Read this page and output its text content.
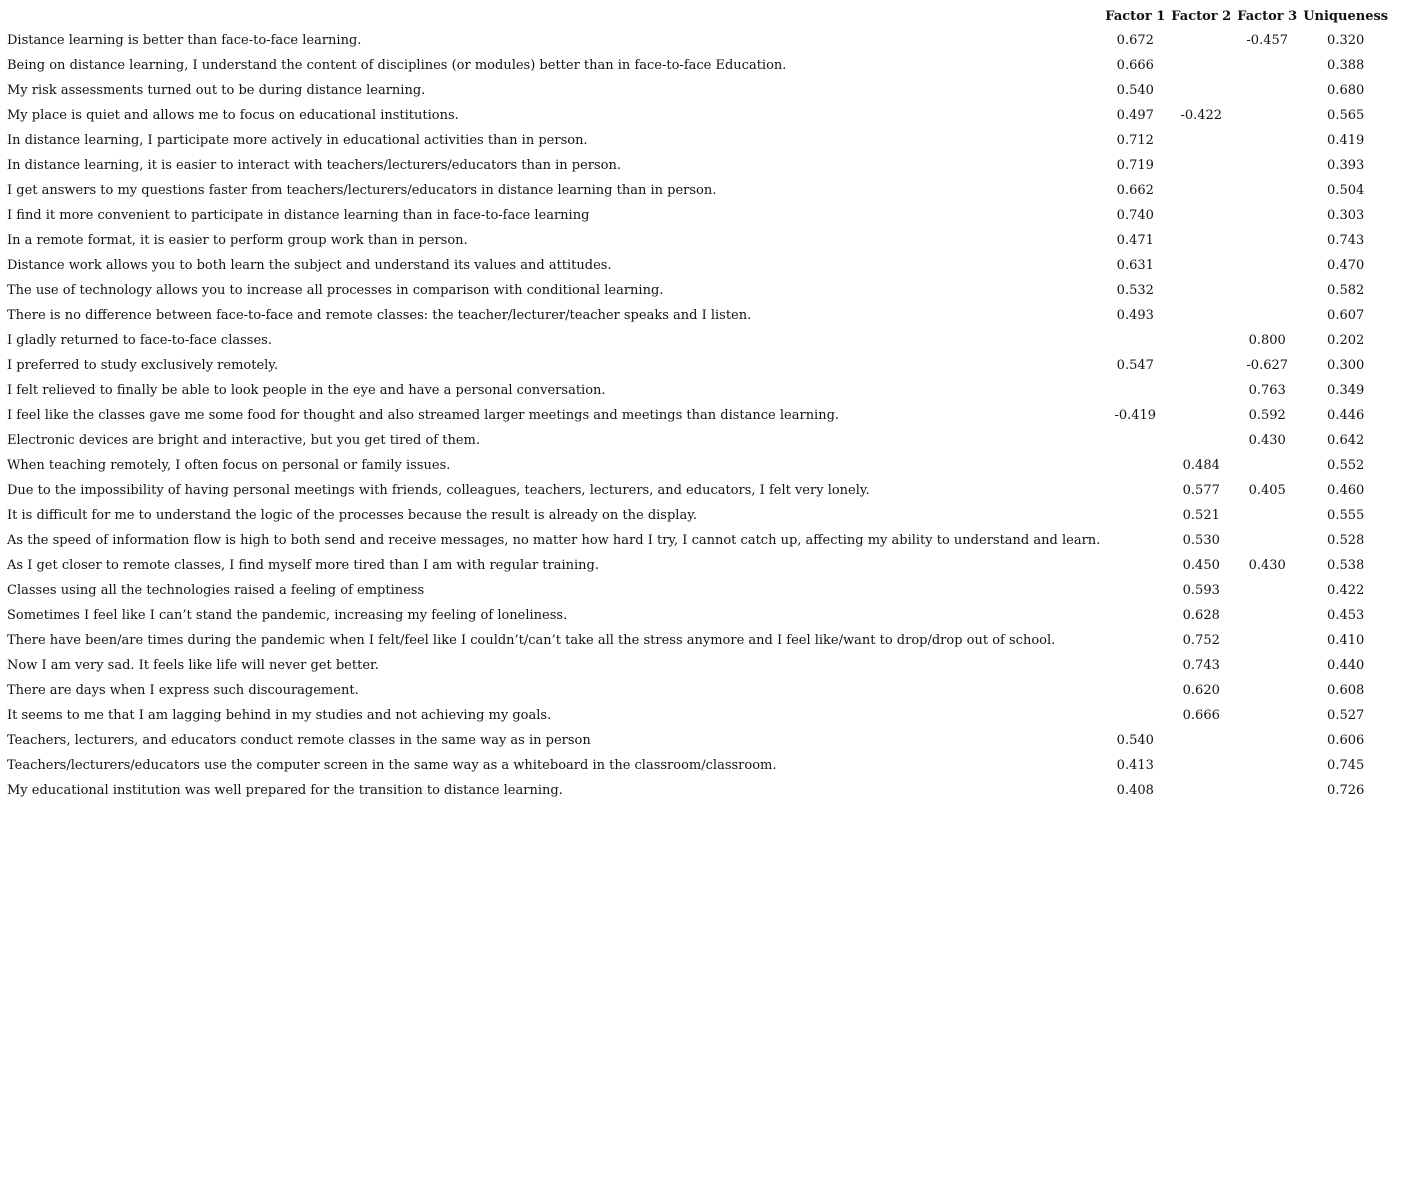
	Factor 1	Factor 2	Factor 3	Uniqueness
Distance learning is better than face-to-face learning.	0.672		-0.457	0.320
Being on distance learning, I understand the content of disciplines (or modules) better than in face-to-face Education.	0.666			0.388
My risk assessments turned out to be during distance learning.	0.540			0.680
My place is quiet and allows me to focus on educational institutions.	0.497	-0.422		0.565
In distance learning, I participate more actively in educational activities than in person.	0.712			0.419
In distance learning, it is easier to interact with teachers/lecturers/educators than in person.	0.719			0.393
I get answers to my questions faster from teachers/lecturers/educators in distance learning than in person.	0.662			0.504
I find it more convenient to participate in distance learning than in face-to-face learning	0.740			0.303
In a remote format, it is easier to perform group work than in person.	0.471			0.743
Distance work allows you to both learn the subject and understand its values and attitudes.	0.631			0.470
The use of technology allows you to increase all processes in comparison with conditional learning.	0.532			0.582
There is no difference between face-to-face and remote classes: the teacher/lecturer/teacher speaks and I listen.	0.493			0.607
I gladly returned to face-to-face classes.			0.800	0.202
I preferred to study exclusively remotely.	0.547		-0.627	0.300
I felt relieved to finally be able to look people in the eye and have a personal conversation.			0.763	0.349
I feel like the classes gave me some food for thought and also streamed larger meetings and meetings than distance learning.	-0.419		0.592	0.446
Electronic devices are bright and interactive, but you get tired of them.			0.430	0.642
When teaching remotely, I often focus on personal or family issues.		0.484		0.552
Due to the impossibility of having personal meetings with friends, colleagues, teachers, lecturers, and educators, I felt very lonely.		0.577	0.405	0.460
It is difficult for me to understand the logic of the processes because the result is already on the display.		0.521		0.555
As the speed of information flow is high to both send and receive messages, no matter how hard I try, I cannot catch up, affecting my ability to understand and learn.		0.530		0.528
As I get closer to remote classes, I find myself more tired than I am with regular training.		0.450	0.430	0.538
Classes using all the technologies raised a feeling of emptiness		0.593		0.422
Sometimes I feel like I can’t stand the pandemic, increasing my feeling of loneliness.		0.628		0.453
There have been/are times during the pandemic when I felt/feel like I couldn’t/can’t take all the stress anymore and I feel like/want to drop/drop out of school.		0.752		0.410
Now I am very sad. It feels like life will never get better.		0.743		0.440
There are days when I express such discouragement.		0.620		0.608
It seems to me that I am lagging behind in my studies and not achieving my goals.		0.666		0.527
Teachers, lecturers, and educators conduct remote classes in the same way as in person	0.540			0.606
Teachers/lecturers/educators use the computer screen in the same way as a whiteboard in the classroom/classroom.	0.413			0.745
My educational institution was well prepared for the transition to distance learning.	0.408			0.726
